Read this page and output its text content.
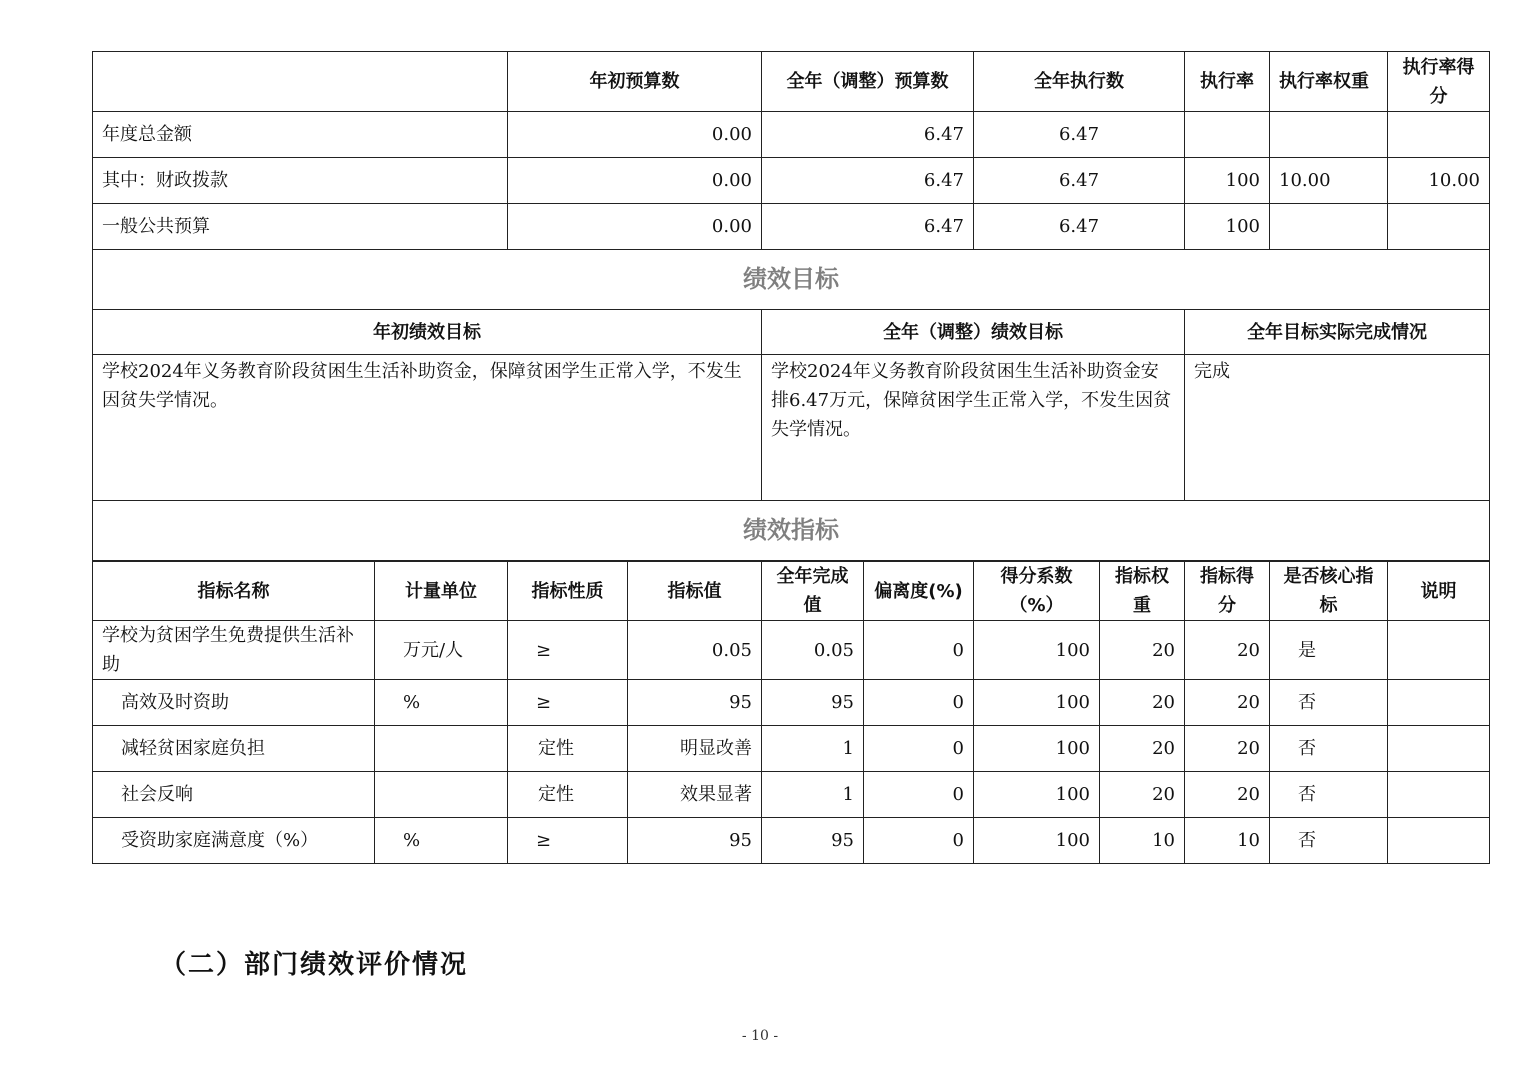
	年初预算数	全年（调整）预算数	全年执行数	执行率	执行率权重	执行率得分
年度总金额	0.00	6.47	6.47			
其中：财政拨款	0.00	6.47	6.47	100	10.00	10.00
一般公共预算	0.00	6.47	6.47	100		
绩效目标						
年初绩效目标	全年（调整）绩效目标	全年目标实际完成情况
学校2024年义务教育阶段贫困生生活补助资金，保障贫困学生正常入学，不发生因贫失学情况。	学校2024年义务教育阶段贫困生生活补助资金安排6.47万元，保障贫困学生正常入学，不发生因贫失学情况。	完成
绩效指标		
指标名称	计量单位	指标性质	指标值	全年完成值	偏离度(%)	得分系数（%）	指标权重	指标得分	是否核心指标	说明
学校为贫困学生免费提供生活补助	万元/人	≥	0.05	0.05	0	100	20	20	是	
高效及时资助	%	≥	95	95	0	100	20	20	否	
减轻贫困家庭负担		定性	明显改善	1	0	100	20	20	否	
社会反响		定性	效果显著	1	0	100	20	20	否	
受资助家庭满意度（%）	%	≥	95	95	0	100	10	10	否	
（二）部门绩效评价情况
- 10 -
